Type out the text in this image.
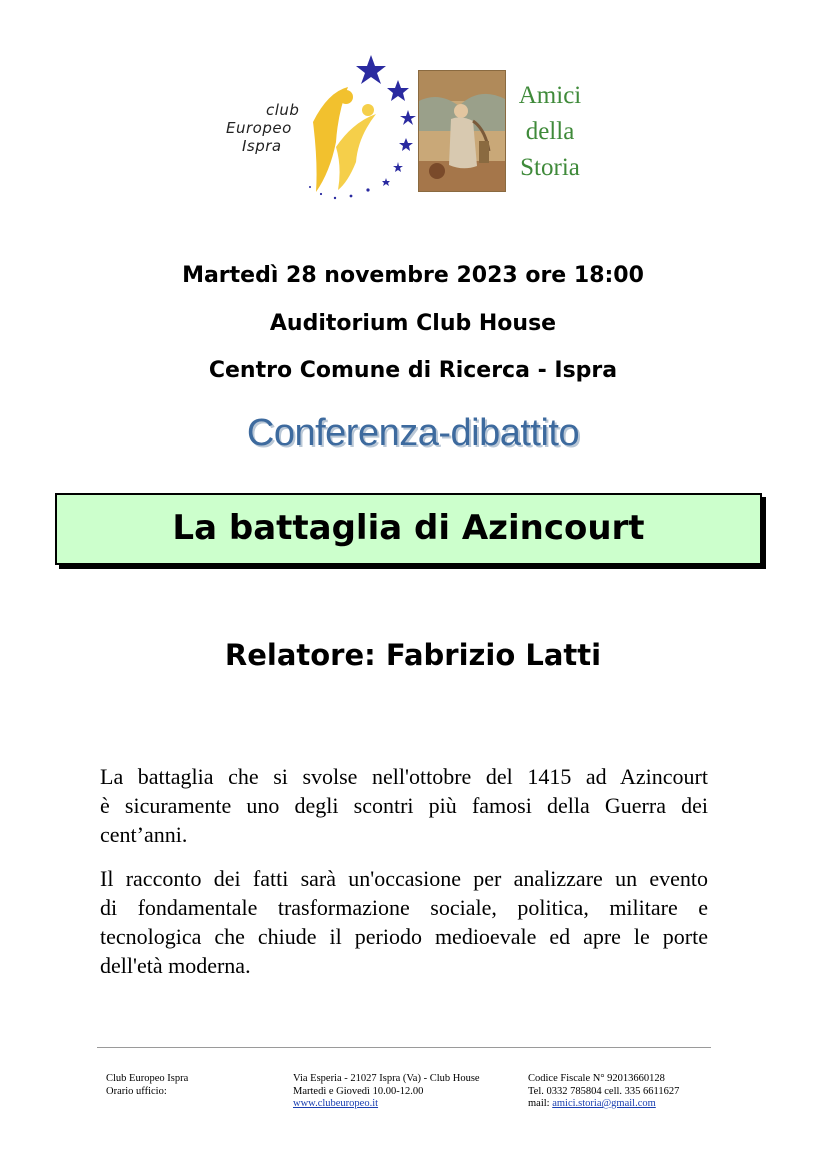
club
Europeo
Ispra
Amici
della
Storia
Martedì 28 novembre 2023 ore 18:00
Auditorium Club House
Centro Comune di Ricerca - Ispra
Conferenza-dibattito
La battaglia di Azincourt
Relatore: Fabrizio Latti
La battaglia che si svolse nell'ottobre del 1415 ad Azincourt
è sicuramente uno degli scontri più famosi della Guerra dei
cent’anni.
Il racconto dei fatti sarà un'occasione per analizzare un evento
di fondamentale trasformazione sociale, politica, militare e
tecnologica che chiude il periodo medioevale ed apre le porte
dell'età moderna.
Club Europeo Ispra
Orario ufficio:
Via Esperia - 21027 Ispra (Va) - Club House
Martedì e Giovedì 10.00-12.00
www.clubeuropeo.it
Codice Fiscale N° 92013660128
Tel. 0332 785804 cell. 335 6611627
mail: amici.storia@gmail.com
